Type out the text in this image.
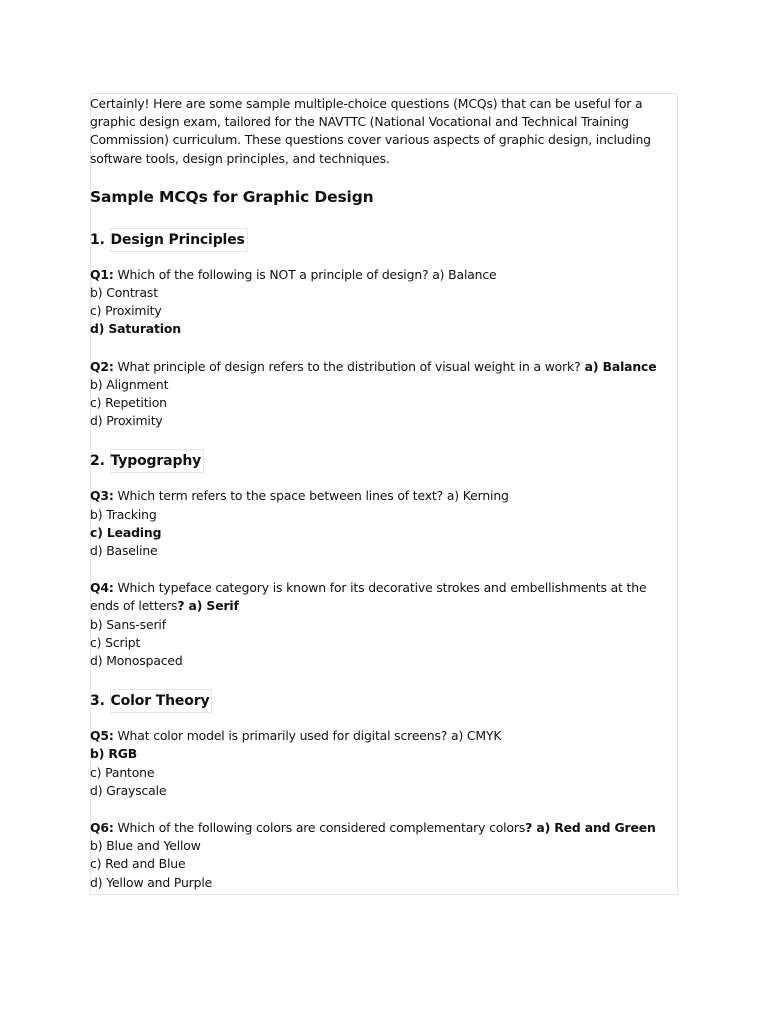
Certainly! Here are some sample multiple-choice questions (MCQs) that can be useful for a graphic design exam, tailored for the NAVTTC (National Vocational and Technical Training Commission) curriculum. These questions cover various aspects of graphic design, including software tools, design principles, and techniques.

Sample MCQs for Graphic Design
1. Design Principles
Q1: Which of the following is NOT a principle of design? a) Balance
b) Contrast
c) Proximity
d) Saturation
Q2: What principle of design refers to the distribution of visual weight in a work? a) Balance
b) Alignment
c) Repetition
d) Proximity
2. Typography
Q3: Which term refers to the space between lines of text? a) Kerning
b) Tracking
c) Leading
d) Baseline
Q4: Which typeface category is known for its decorative strokes and embellishments at the ends of letters? a) Serif
b) Sans-serif
c) Script
d) Monospaced
3. Color Theory
Q5: What color model is primarily used for digital screens? a) CMYK
b) RGB
c) Pantone
d) Grayscale
Q6: Which of the following colors are considered complementary colors? a) Red and Green
b) Blue and Yellow
c) Red and Blue
d) Yellow and Purple
